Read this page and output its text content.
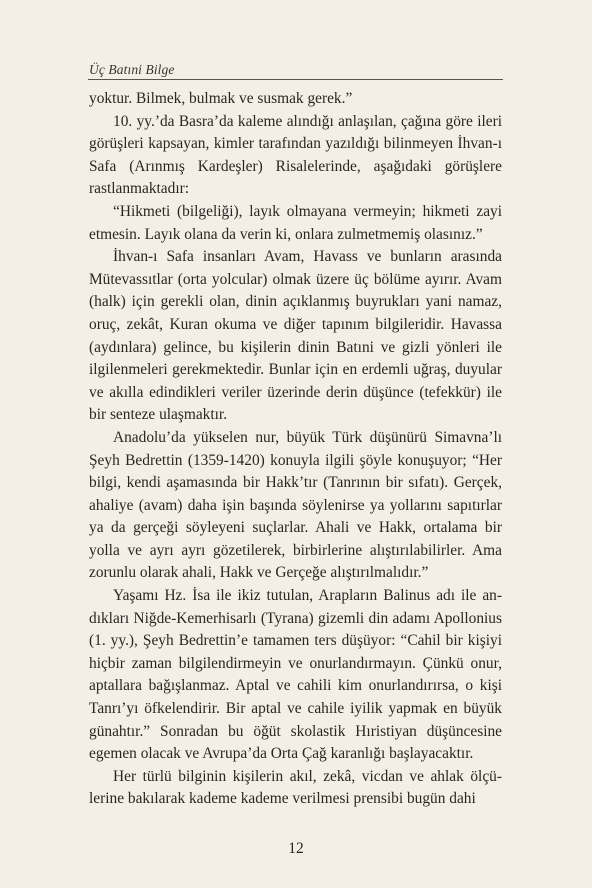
Üç Batıni Bilge

yoktur. Bilmek, bulmak ve susmak gerek.”

10. yy.’da Basra’da kaleme alındığı anlaşılan, çağına göre ileri görüşleri kapsayan, kimler tarafından yazıldığı bilinmeyen İhvan-ı Safa (Arınmış Kardeşler) Risalelerinde, aşağıdaki görüşlere rastlanmaktadır:

“Hikmeti (bilgeliği), layık olmayana vermeyin; hikmeti zayi etmesin. Layık olana da verin ki, onlara zulmetmemiş olasınız.”

İhvan-ı Safa insanları Avam, Havass ve bunların arasında Mütevassıtlar (orta yolcular) olmak üzere üç bölüme ayırır. Avam (halk) için gerekli olan, dinin açıklanmış buyrukları yani namaz, oruç, zekât, Kuran okuma ve diğer tapınım bilgileridir. Havassa (aydınlara) gelince, bu kişilerin dinin Batıni ve gizli yönleri ile ilgilenmeleri gerekmektedir. Bunlar için en erdemli uğraş, duyular ve akılla edindikleri veriler üzerinde derin düşünce (tefekkür) ile bir senteze ulaşmaktır.

Anadolu’da yükselen nur, büyük Türk düşünürü Simavna’lı Şeyh Bedrettin (1359-1420) konuyla ilgili şöyle konuşuyor; “Her bilgi, kendi aşamasında bir Hakk’tır (Tanrının bir sıfatı). Gerçek, ahaliye (avam) daha işin başında söylenirse ya yollarını sapıtırlar ya da gerçeği söyleyeni suçlarlar. Ahali ve Hakk, ortalama bir yolla ve ayrı ayrı gözetilerek, birbirlerine alıştırılabilirler. Ama zorunlu olarak ahali, Hakk ve Gerçeğe alıştırılmalıdır.”

Yaşamı Hz. İsa ile ikiz tutulan, Arapların Balinus adı ile andıkları Niğde-Kemerhisarlı (Tyrana) gizemli din adamı Apollonius (1. yy.), Şeyh Bedrettin’e tamamen ters düşüyor: “Cahil bir kişiyi hiçbir zaman bilgilendirmeyin ve onurlandırmayın. Çünkü onur, aptallara bağışlanmaz. Aptal ve cahili kim onurlandırırsa, o kişi Tanrı’yı öfkelendirir. Bir aptal ve cahile iyilik yapmak en büyük günahtır.” Sonradan bu öğüt skolastik Hıristiyan düşüncesine egemen olacak ve Avrupa’da Orta Çağ karanlığı başlayacaktır.

Her türlü bilginin kişilerin akıl, zekâ, vicdan ve ahlak ölçülerine bakılarak kademe kademe verilmesi prensibi bugün dahi

12
